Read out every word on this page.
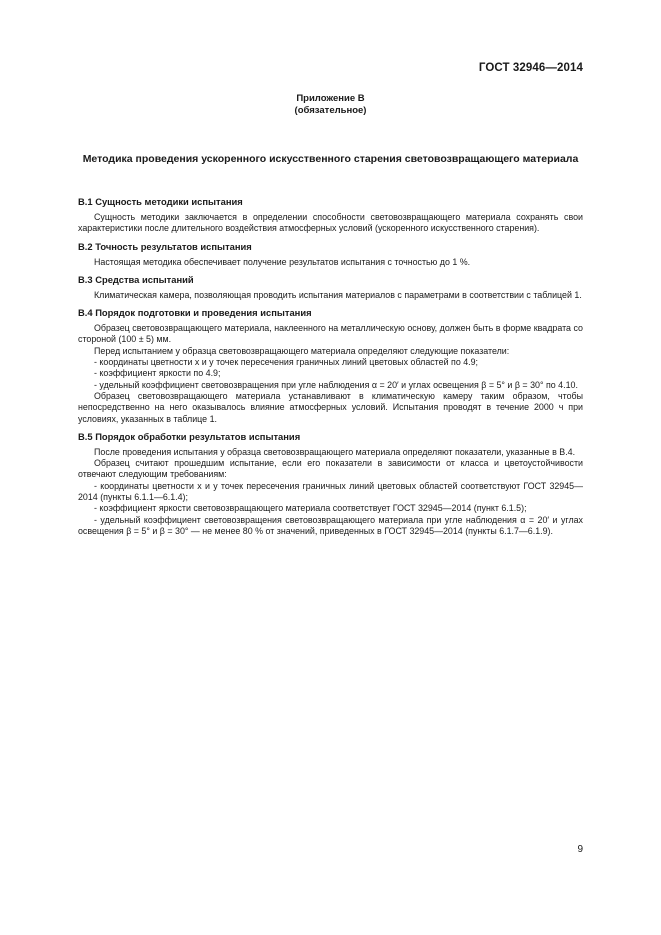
ГОСТ 32946—2014
Приложение В
(обязательное)
Методика проведения ускоренного искусственного старения световозвращающего материала
В.1 Сущность методики испытания

Сущность методики заключается в определении способности световозвращающего материала сохранять свои характеристики после длительного воздействия атмосферных условий (ускоренного искусственного старения).

В.2 Точность результатов испытания

Настоящая методика обеспечивает получение результатов испытания с точностью до 1 %.

В.3 Средства испытаний

Климатическая камера, позволяющая проводить испытания материалов с параметрами в соответствии с таблицей 1.

В.4 Порядок подготовки и проведения испытания

Образец световозвращающего материала, наклеенного на металлическую основу, должен быть в форме квадрата со стороной (100 ± 5) мм.

Перед испытанием у образца световозвращающего материала определяют следующие показатели:

- координаты цветности x и y точек пересечения граничных линий цветовых областей по 4.9;

- коэффициент яркости по 4.9;

- удельный коэффициент световозвращения при угле наблюдения α = 20′ и углах освещения β = 5° и β = 30° по 4.10.

Образец световозвращающего материала устанавливают в климатическую камеру таким образом, чтобы непосредственно на него оказывалось влияние атмосферных условий. Испытания проводят в течение 2000 ч при условиях, указанных в таблице 1.

В.5 Порядок обработки результатов испытания

После проведения испытания у образца световозвращающего материала определяют показатели, указанные в В.4.

Образец считают прошедшим испытание, если его показатели в зависимости от класса и цветоустойчивости отвечают следующим требованиям:

- координаты цветности x и y точек пересечения граничных линий цветовых областей соответствуют ГОСТ 32945—2014 (пункты 6.1.1—6.1.4);

- коэффициент яркости световозвращающего материала соответствует ГОСТ 32945—2014 (пункт 6.1.5);

- удельный коэффициент световозвращения световозвращающего материала при угле наблюдения α = 20′ и углах освещения β = 5° и β = 30° — не менее 80 % от значений, приведенных в ГОСТ 32945—2014 (пункты 6.1.7—6.1.9).

9
